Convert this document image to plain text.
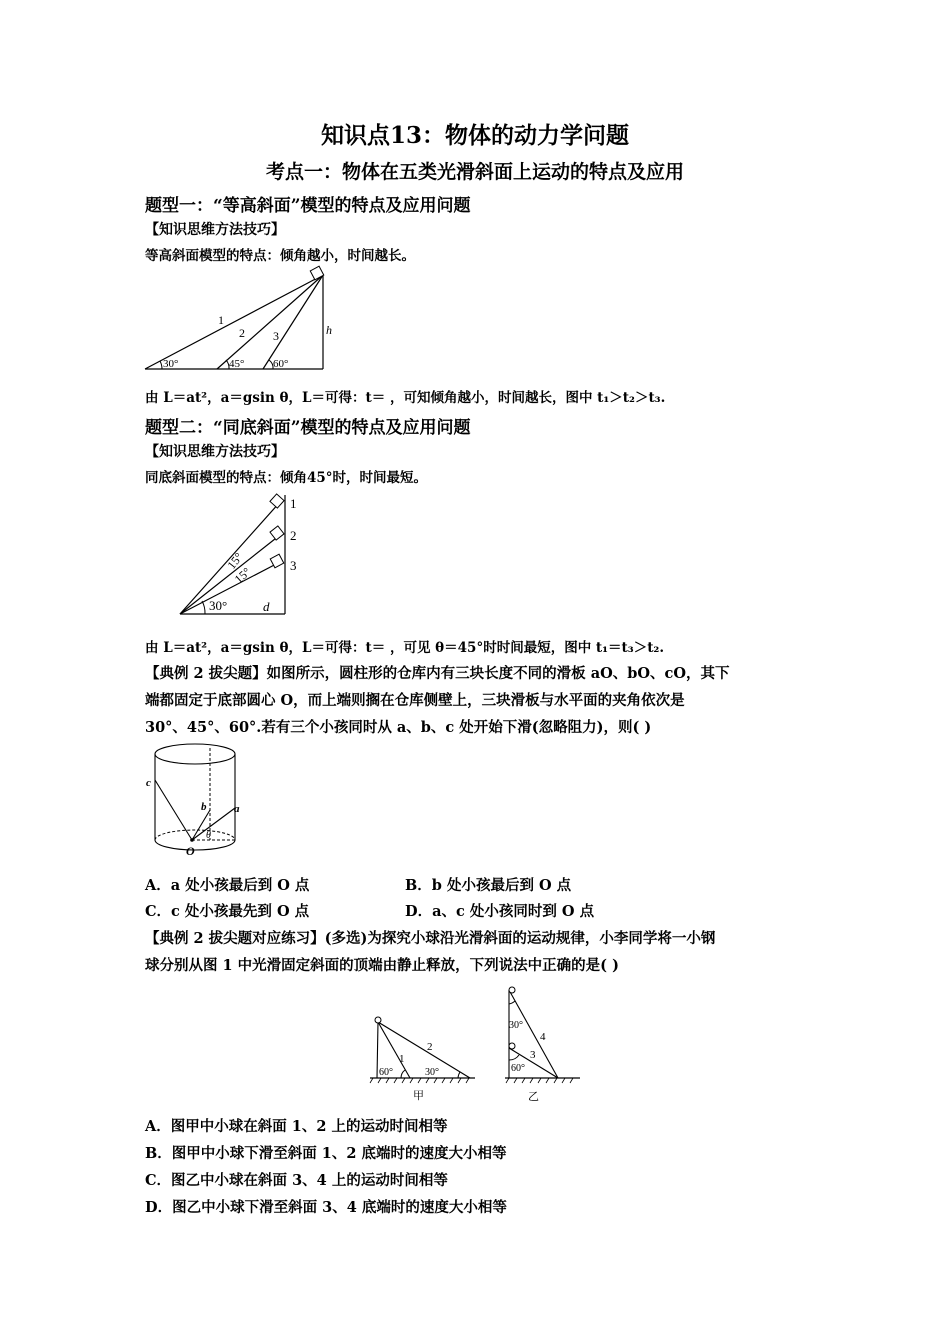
知识点13：物体的动力学问题
考点一：物体在五类光滑斜面上运动的特点及应用
题型一：“等高斜面”模型的特点及应用问题
【知识思维方法技巧】
等高斜面模型的特点：倾角越小，时间越长。
30°	45°	60°
1
2 3	h
由 L＝at²，a＝gsin θ，L＝可得：t＝ ，可知倾角越小，时间越长，图中 t₁＞t₂＞t₃.
题型二：“同底斜面”模型的特点及应用问题
【知识思维方法技巧】
同底斜面模型的特点：倾角45°时，时间最短。
1
2
3
15°
15°
30°	d
由 L＝at²，a＝gsin θ，L＝可得：t＝ ，可见 θ＝45°时时间最短，图中 t₁＝t₃＞t₂.
【典例 2 拔尖题】如图所示，圆柱形的仓库内有三块长度不同的滑板 aO、bO、cO，其下
端都固定于底部圆心 O，而上端则搁在仓库侧壁上，三块滑板与水平面的夹角依次是
30°、45°、60°.若有三个小孩同时从 a、b、c 处开始下滑(忽略阻力)，则( )
c
b	a
θ
O
A．a 处小孩最后到 O 点	B．b 处小孩最后到 O 点
C．c 处小孩最先到 O 点	D．a、c 处小孩同时到 O 点
【典例 2 拔尖题对应练习】(多选)为探究小球沿光滑斜面的运动规律，小李同学将一小钢
球分别从图 1 中光滑固定斜面的顶端由静止释放，下列说法中正确的是( )
60°	30°
1
2
甲
30°
60°
3
4
乙
A．图甲中小球在斜面 1、2 上的运动时间相等
B．图甲中小球下滑至斜面 1、2 底端时的速度大小相等
C．图乙中小球在斜面 3、4 上的运动时间相等
D．图乙中小球下滑至斜面 3、4 底端时的速度大小相等
